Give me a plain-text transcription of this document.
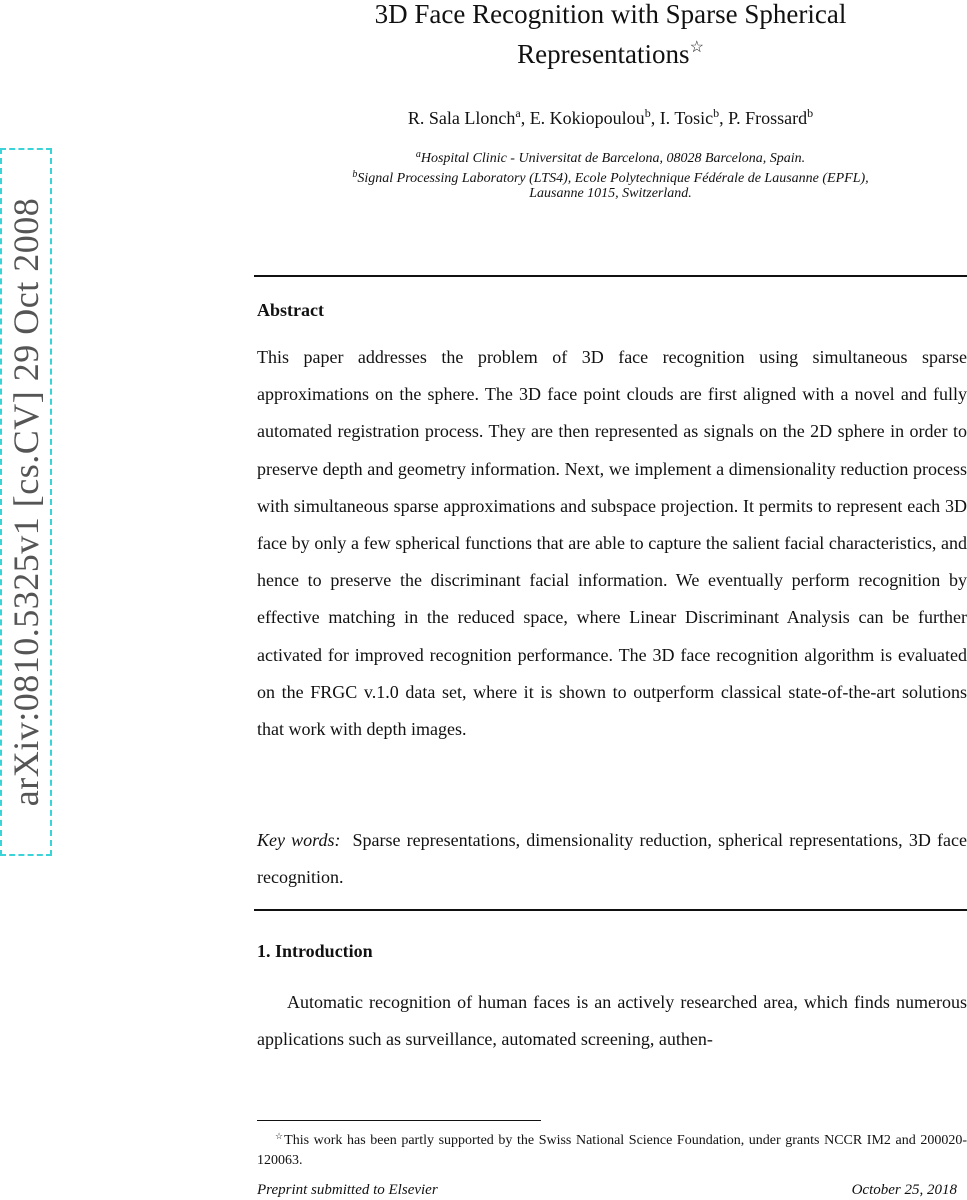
arXiv:0810.5325v1 [cs.CV] 29 Oct 2008
3D Face Recognition with Sparse Spherical
Representations☆
R. Sala Llonch$^a$, E. Kokiopoulou$^b$, I. Tosic$^b$, P. Frossard$^b$
$^a$Hospital Clinic - Universitat de Barcelona, 08028 Barcelona, Spain.
$^b$Signal Processing Laboratory (LTS4), Ecole Polytechnique Fédérale de Lausanne (EPFL),
Lausanne 1015, Switzerland.
Abstract

This paper addresses the problem of 3D face recognition using simultaneous sparse approximations on the sphere. The 3D face point clouds are first aligned with a novel and fully automated registration process. They are then represented as signals on the 2D sphere in order to preserve depth and geometry information. Next, we implement a dimensionality reduction process with simultaneous sparse approximations and subspace projection. It permits to represent each 3D face by only a few spherical functions that are able to capture the salient facial characteristics, and hence to preserve the discriminant facial information. We eventually perform recognition by effective matching in the reduced space, where Linear Discriminant Analysis can be further activated for improved recognition performance. The 3D face recognition algorithm is evaluated on the FRGC v.1.0 data set, where it is shown to outperform classical state-of-the-art solutions that work with depth images.

Key words: Sparse representations, dimensionality reduction, spherical representations, 3D face recognition.

1. Introduction

Automatic recognition of human faces is an actively researched area, which finds numerous applications such as surveillance, automated screening, authen-

☆This work has been partly supported by the Swiss National Science Foundation, under grants NCCR IM2 and 200020-120063.

Preprint submitted to Elsevier	October 25, 2018
